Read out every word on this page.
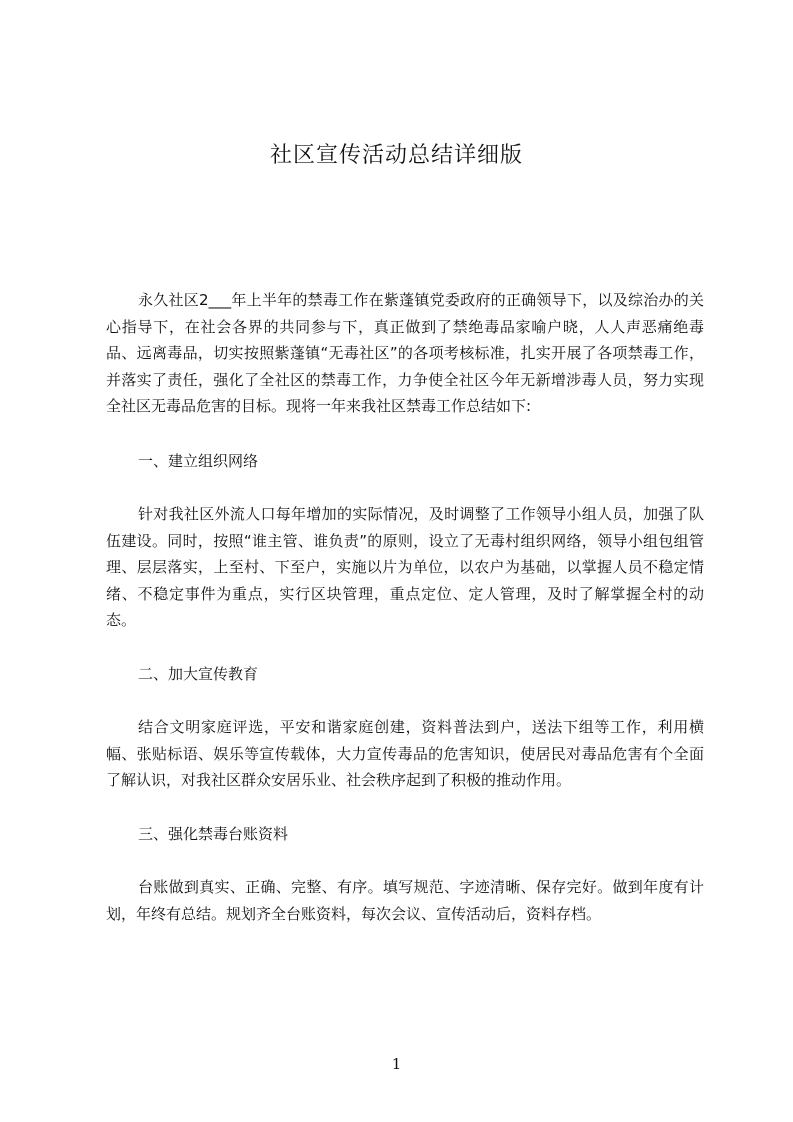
社区宣传活动总结详细版

永久社区2___年上半年的禁毒工作在紫蓬镇党委政府的正确领导下，以及综治办的关心指导下，在社会各界的共同参与下，真正做到了禁绝毒品家喻户晓，人人声恶痛绝毒品、远离毒品，切实按照紫蓬镇“无毒社区”的各项考核标准，扎实开展了各项禁毒工作，并落实了责任，强化了全社区的禁毒工作，力争使全社区今年无新增涉毒人员，努力实现全社区无毒品危害的目标。现将一年来我社区禁毒工作总结如下:

一、建立组织网络

针对我社区外流人口每年增加的实际情况，及时调整了工作领导小组人员，加强了队伍建设。同时，按照“谁主管、谁负责”的原则，设立了无毒村组织网络，领导小组包组管理、层层落实，上至村、下至户，实施以片为单位，以农户为基础，以掌握人员不稳定情绪、不稳定事件为重点，实行区块管理，重点定位、定人管理，及时了解掌握全村的动态。

二、加大宣传教育

结合文明家庭评选，平安和谐家庭创建，资料普法到户，送法下组等工作，利用横幅、张贴标语、娱乐等宣传载体，大力宣传毒品的危害知识，使居民对毒品危害有个全面了解认识，对我社区群众安居乐业、社会秩序起到了积极的推动作用。

三、强化禁毒台账资料

台账做到真实、正确、完整、有序。填写规范、字迹清晰、保存完好。做到年度有计划，年终有总结。规划齐全台账资料，每次会议、宣传活动后，资料存档。

1
